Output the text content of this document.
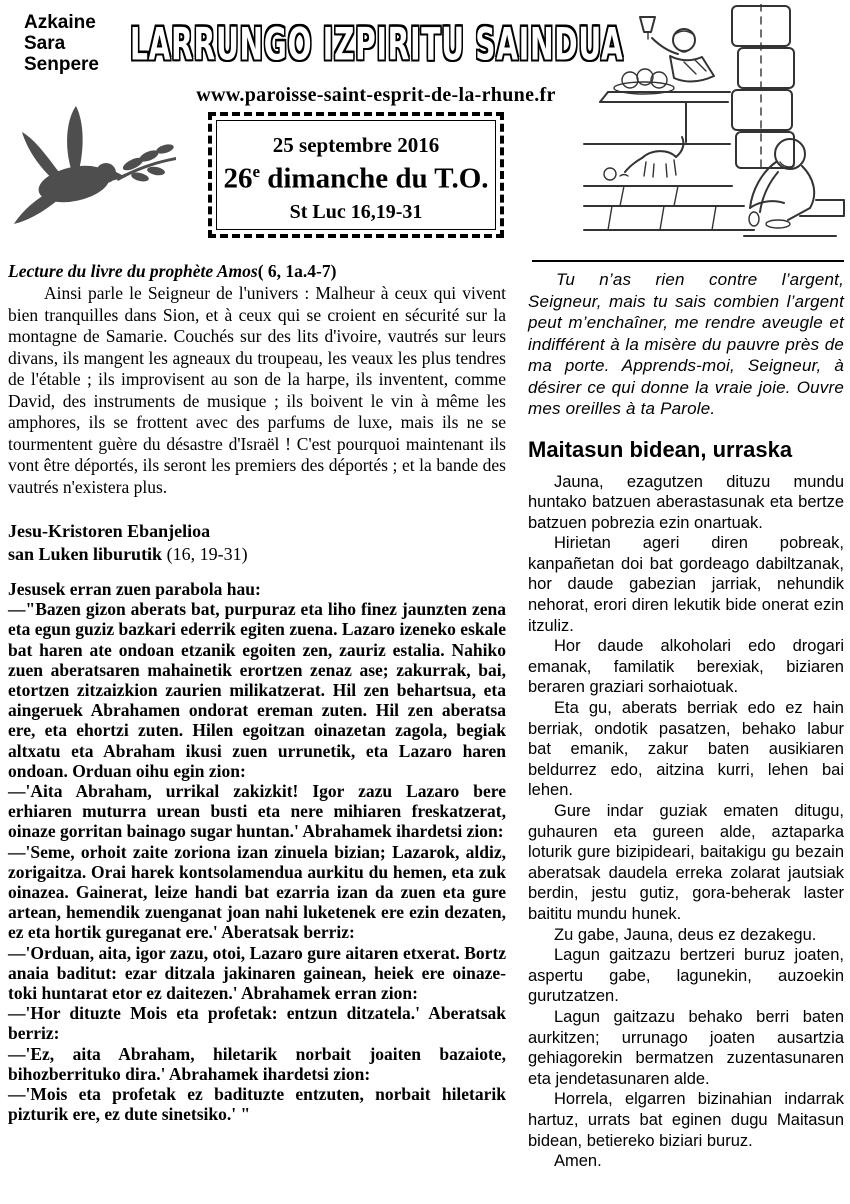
Azkaine
Sara
Senpere LARRUNGO IZPIRITU SAINDUA
www.paroisse-saint-esprit-de-la-rhune.fr
25 septembre 2016
26e dimanche du T.O.
St Luc 16,19-31
Lecture du livre du prophète Amos( 6, 1a.4-7)

Ainsi parle le Seigneur de l'univers : Malheur à ceux qui vivent bien tranquilles dans Sion, et à ceux qui se croient en sécurité sur la montagne de Samarie. Couchés sur des lits d'ivoire, vautrés sur leurs divans, ils mangent les agneaux du troupeau, les veaux les plus tendres de l'étable ; ils improvisent au son de la harpe, ils inventent, comme David, des instruments de musique ; ils boivent le vin à même les amphores, ils se frottent avec des parfums de luxe, mais ils ne se tourmentent guère du désastre d'Israël ! C'est pourquoi maintenant ils vont être déportés, ils seront les premiers des déportés ; et la bande des vautrés n'existera plus.

Jesu-Kristoren Ebanjelioa
san Luken liburutik (16, 19-31)

Jesusek erran zuen parabola hau:

—"Bazen gizon aberats bat, purpuraz eta liho finez jaunzten zena eta egun guziz bazkari ederrik egiten zuena. Lazaro izeneko eskale bat haren ate ondoan etzanik egoiten zen, zauriz estalia. Nahiko zuen aberatsaren mahainetik erortzen zenaz ase; zakurrak, bai, etortzen zitzaizkion zaurien milikatzerat. Hil zen behartsua, eta aingeruek Abrahamen ondorat ereman zuten. Hil zen aberatsa ere, eta ehortzi zuten. Hilen egoitzan oinazetan zagola, begiak altxatu eta Abraham ikusi zuen urrunetik, eta Lazaro haren ondoan. Orduan oihu egin zion:

—'Aita Abraham, urrikal zakizkit! Igor zazu Lazaro bere erhiaren muturra urean busti eta nere mihiaren freskatzerat, oinaze gorritan bainago sugar huntan.' Abrahamek ihardetsi zion:

—'Seme, orhoit zaite zoriona izan zinuela bizian; Lazarok, aldiz, zorigaitza. Orai harek kontsolamendua aurkitu du hemen, eta zuk oinazea. Gainerat, leize handi bat ezarria izan da zuen eta gure artean, hemendik zuenganat joan nahi luketenek ere ezin dezaten, ez eta hortik gureganat ere.' Aberatsak berriz:

—'Orduan, aita, igor zazu, otoi, Lazaro gure aitaren etxerat. Bortz anaia baditut: ezar ditzala jakinaren gainean, heiek ere oinaze-toki huntarat etor ez daitezen.' Abrahamek erran zion:

—'Hor dituzte Mois eta profetak: entzun ditzatela.' Aberatsak berriz:

—'Ez, aita Abraham, hiletarik norbait joaiten bazaiote, bihozberrituko dira.' Abrahamek ihardetsi zion:

—'Mois eta profetak ez badituzte entzuten, norbait hiletarik pizturik ere, ez dute sinetsiko.' "

Tu n’as rien contre l’argent, Seigneur, mais tu sais combien l’argent peut m’enchaîner, me rendre aveugle et indifférent à la misère du pauvre près de ma porte. Apprends-moi, Seigneur, à désirer ce qui donne la vraie joie. Ouvre mes oreilles à ta Parole.

Maitasun bidean, urraska

Jauna, ezagutzen dituzu mundu huntako batzuen aberastasunak eta bertze batzuen pobrezia ezin onartuak.

Hirietan ageri diren pobreak, kanpañetan doi bat gordeago dabiltzanak, hor daude gabezian jarriak, nehundik nehorat, erori diren lekutik bide onerat ezin itzuliz.

Hor daude alkoholari edo drogari emanak, familatik berexiak, biziaren beraren graziari sorhaiotuak.

Eta gu, aberats berriak edo ez hain berriak, ondotik pasatzen, behako labur bat emanik, zakur baten ausikiaren beldurrez edo, aitzina kurri, lehen bai lehen.

Gure indar guziak ematen ditugu, guhauren eta gureen alde, aztaparka loturik gure bizipideari, baitakigu gu bezain aberatsak daudela erreka zolarat jautsiak berdin, jestu gutiz, gora-beherak laster baititu mundu hunek.

Zu gabe, Jauna, deus ez dezakegu.

Lagun gaitzazu bertzeri buruz joaten, aspertu gabe, lagunekin, auzoekin gurutzatzen.

Lagun gaitzazu behako berri baten aurkitzen; urrunago joaten ausartzia gehiagorekin bermatzen zuzentasunaren eta jendetasunaren alde.

Horrela, elgarren bizinahian indarrak hartuz, urrats bat eginen dugu Maitasun bidean, betiereko biziari buruz.

Amen.
